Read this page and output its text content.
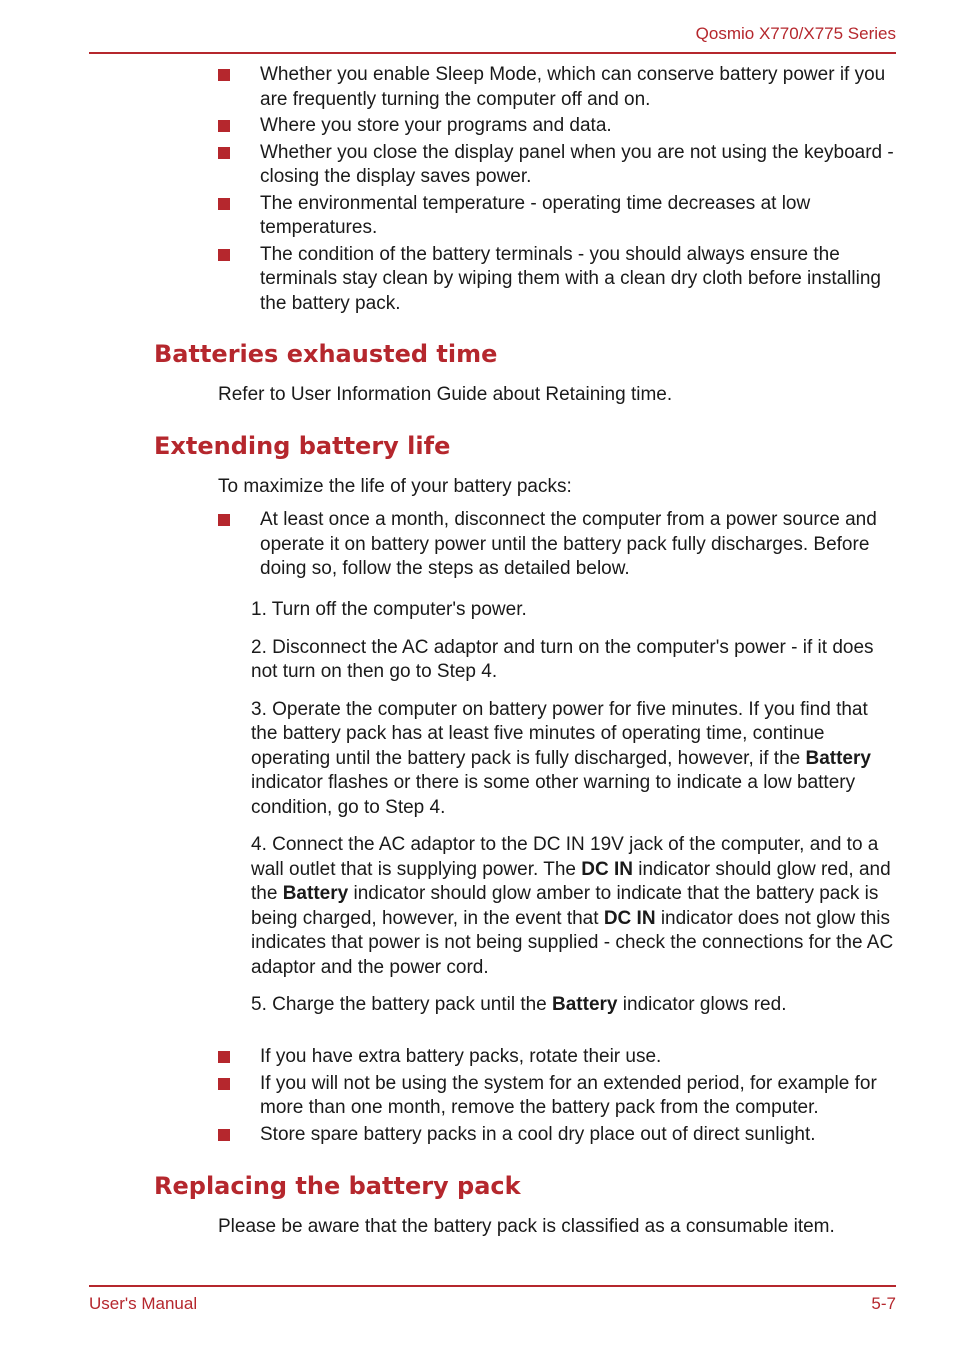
Qosmio X770/X775 Series
Whether you enable Sleep Mode, which can conserve battery power if you are frequently turning the computer off and on.
Where you store your programs and data.
Whether you close the display panel when you are not using the keyboard - closing the display saves power.
The environmental temperature - operating time decreases at low temperatures.
The condition of the battery terminals - you should always ensure the terminals stay clean by wiping them with a clean dry cloth before installing the battery pack.
Batteries exhausted time

Refer to User Information Guide about Retaining time.

Extending battery life

To maximize the life of your battery packs:

At least once a month, disconnect the computer from a power source and operate it on battery power until the battery pack fully discharges. Before doing so, follow the steps as detailed below.

1. Turn off the computer's power.

2. Disconnect the AC adaptor and turn on the computer's power - if it does not turn on then go to Step 4.

3. Operate the computer on battery power for five minutes. If you find that the battery pack has at least five minutes of operating time, continue operating until the battery pack is fully discharged, however, if the Battery indicator flashes or there is some other warning to indicate a low battery condition, go to Step 4.

4. Connect the AC adaptor to the DC IN 19V jack of the computer, and to a wall outlet that is supplying power. The DC IN indicator should glow red, and the Battery indicator should glow amber to indicate that the battery pack is being charged, however, in the event that DC IN indicator does not glow this indicates that power is not being supplied - check the connections for the AC adaptor and the power cord.

5. Charge the battery pack until the Battery indicator glows red.

If you have extra battery packs, rotate their use.
If you will not be using the system for an extended period, for example for more than one month, remove the battery pack from the computer.
Store spare battery packs in a cool dry place out of direct sunlight.
Replacing the battery pack

Please be aware that the battery pack is classified as a consumable item.

User's Manual	5-7
